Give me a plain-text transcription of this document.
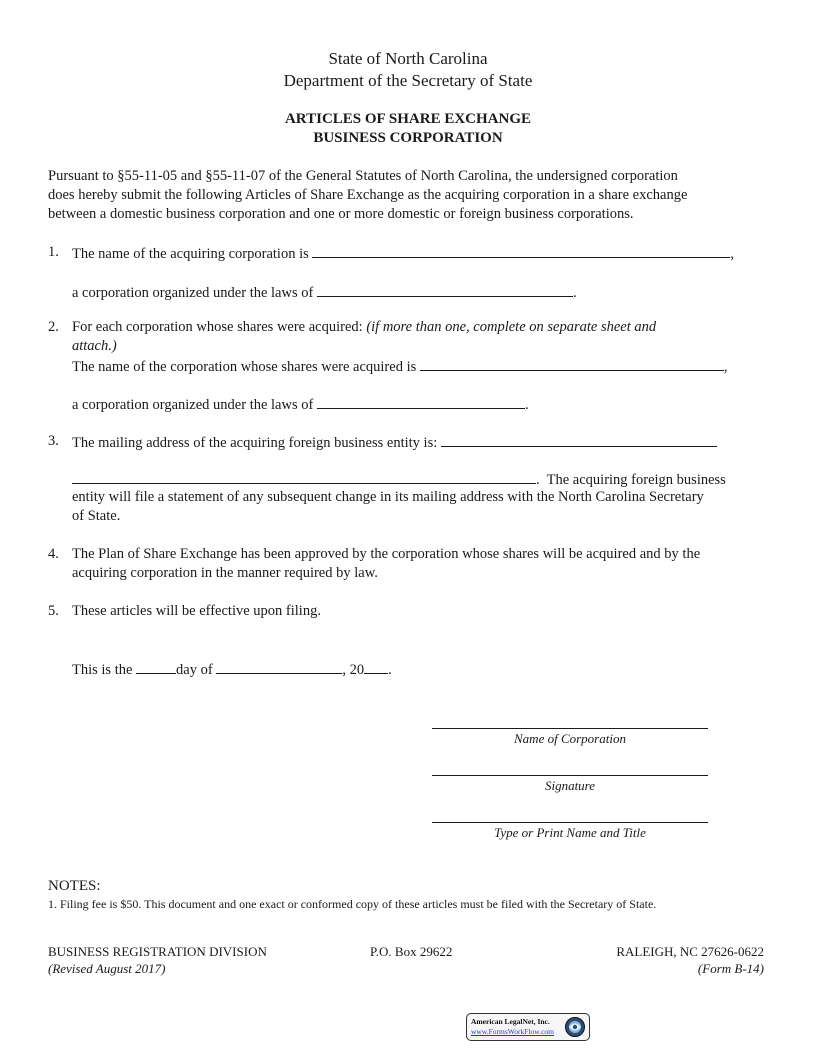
State of North Carolina
Department of the Secretary of State
ARTICLES OF SHARE EXCHANGE
BUSINESS CORPORATION
Pursuant to §55-11-05 and §55-11-07 of the General Statutes of North Carolina, the undersigned corporation
does hereby submit the following Articles of Share Exchange as the acquiring corporation in a share exchange
between a domestic business corporation and one or more domestic or foreign business corporations.
1. The name of the acquiring corporation is	,
a corporation organized under the laws of	.
2. For each corporation whose shares were acquired: (if more than one, complete on separate sheet and
attach.)
The name of the corporation whose shares were acquired is	,
a corporation organized under the laws of	.
3. The mailing address of the acquiring foreign business entity is:
.  The acquiring foreign business
entity will file a statement of any subsequent change in its mailing address with the North Carolina Secretary
of State.
4. The Plan of Share Exchange has been approved by the corporation whose shares will be acquired and by the
acquiring corporation in the manner required by law.
5. These articles will be effective upon filing.
This is the	day of	, 20 .
Name of Corporation
Signature
Type or Print Name and Title
NOTES:
1. Filing fee is $50. This document and one exact or conformed copy of these articles must be filed with the Secretary of State.
BUSINESS REGISTRATION DIVISION	P.O. Box 29622	RALEIGH, NC 27626-0622
(Revised August 2017)	(Form B-14)
American LegalNet, Inc.
www.FormsWorkFlow.com
